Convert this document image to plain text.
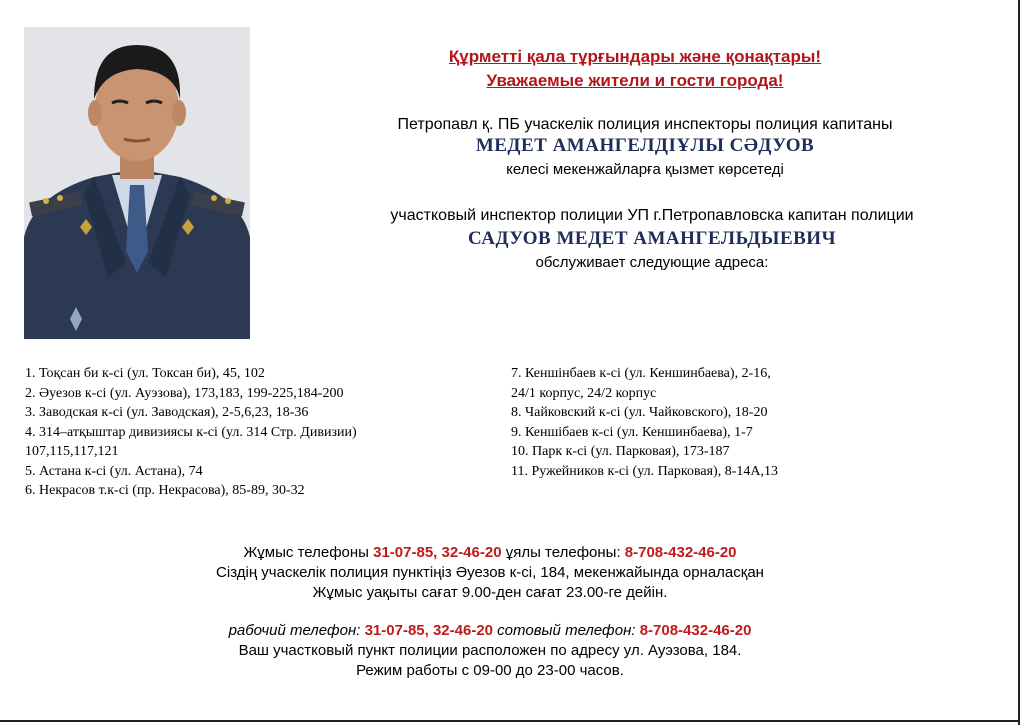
Құрметті қала тұрғындары және қонақтары!

Уважаемые жители и гости города!

Петропавл қ. ПБ учаскелік полиция инспекторы полиция капитаны

МЕДЕТ АМАНГЕЛДІҰЛЫ СӘДУОВ

келесі мекенжайларға қызмет көрсетеді

участковый инспектор полиции УП г.Петропавловска капитан полиции

САДУОВ МЕДЕТ АМАНГЕЛЬДЫЕВИЧ

обслуживает следующие адреса:

1. Тоқсан би к-сі (ул. Токсан би), 45, 102
2. Әуезов к-сі (ул. Ауэзова), 173,183, 199-225,184-200
3. Заводская к-сі (ул. Заводская), 2-5,6,23, 18-36
4. 314–атқыштар дивизиясы к-сі (ул. 314 Стр. Дивизии)
107,115,117,121
5. Астана к-сі (ул. Астана), 74
6. Некрасов т.к-сі (пр. Некрасова), 85-89, 30-32
7. Кеншінбаев к-сі (ул. Кеншинбаева), 2-16,
24/1 корпус, 24/2 корпус
8. Чайковский к-сі (ул. Чайковского), 18-20
9. Кеншібаев к-сі (ул. Кеншинбаева), 1-7
10. Парк к-сі (ул. Парковая), 173-187
11. Ружейников к-сі (ул. Парковая), 8-14А,13

Жұмыс телефоны 31-07-85, 32-46-20 ұялы телефоны: 8-708-432-46-20

Сіздің учаскелік полиция пунктіңіз Әуезов к-сі, 184, мекенжайында орналасқан

Жұмыс уақыты сағат 9.00-ден сағат 23.00-ге дейін.

рабочий телефон: 31-07-85, 32-46-20 сотовый телефон: 8-708-432-46-20

Ваш участковый пункт полиции расположен по адресу ул. Ауэзова, 184.

Режим работы с 09-00 до 23-00 часов.
